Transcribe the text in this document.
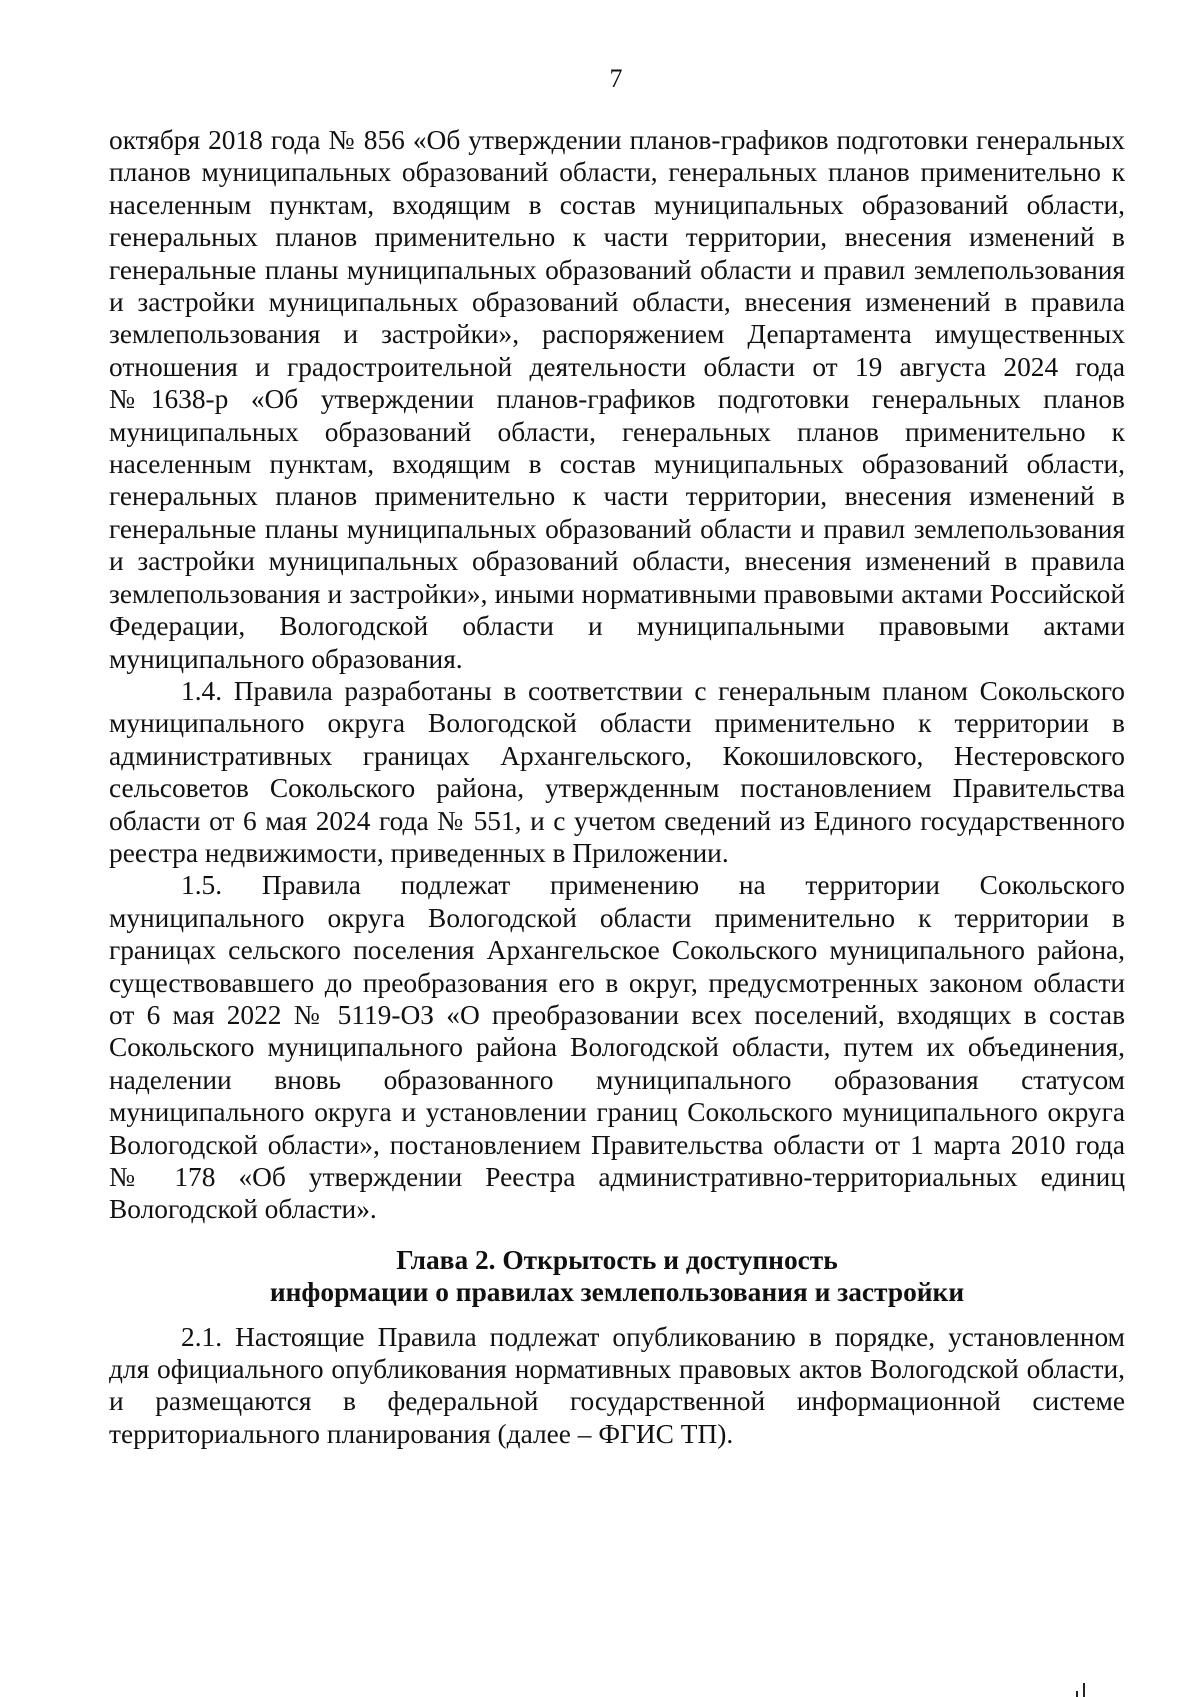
7

октября 2018 года № 856 «Об утверждении планов-графиков подготовки генеральных планов муниципальных образований области, генеральных планов применительно к населенным пунктам, входящим в состав муниципальных образований области, генеральных планов применительно к части территории, внесения изменений в генеральные планы муниципальных образований области и правил землепользования и застройки муниципальных образований области, внесения изменений в правила землепользования и застройки», распоряжением Департамента имущественных отношения и градостроительной деятельности области от 19 августа 2024 года №1638-р «Об утверждении планов-графиков подготовки генеральных планов муниципальных образований области, генеральных планов применительно к населенным пунктам, входящим в состав муниципальных образований области, генеральных планов применительно к части территории, внесения изменений в генеральные планы муниципальных образований области и правил землепользования и застройки муниципальных образований области, внесения изменений в правила землепользования и застройки», иными нормативными правовыми актами Российской Федерации, Вологодской области и муниципальными правовыми актами муниципального образования.

1.4. Правила разработаны в соответствии с генеральным планом Сокольского муниципального округа Вологодской области применительно к территории в административных границах Архангельского, Кокошиловского, Нестеровского сельсоветов Сокольского района, утвержденным постановлением Правительства области от 6 мая 2024 года № 551, и с учетом сведений из Единого государственного реестра недвижимости, приведенных в Приложении.

1.5. Правила подлежат применению на территории Сокольского муниципального округа Вологодской области применительно к территории в границах сельского поселения Архангельское Сокольского муниципального района, существовавшего до преобразования его в округ, предусмотренных законом области от 6 мая 2022 № 5119-ОЗ «О преобразовании всех поселений, входящих в состав Сокольского муниципального района Вологодской области, путем их объединения, наделении вновь образованного муниципального образования статусом муниципального округа и установлении границ Сокольского муниципального округа Вологодской области», постановлением Правительства области от 1 марта 2010 года № 178 «Об утверждении Реестра административно-территориальных единиц Вологодской области».

Глава 2. Открытость и доступность
информации о правилах землепользования и застройки

2.1. Настоящие Правила подлежат опубликованию в порядке, установленном для официального опубликования нормативных правовых актов Вологодской области, и размещаются в федеральной государственной информационной системе территориального планирования (далее – ФГИС ТП).
